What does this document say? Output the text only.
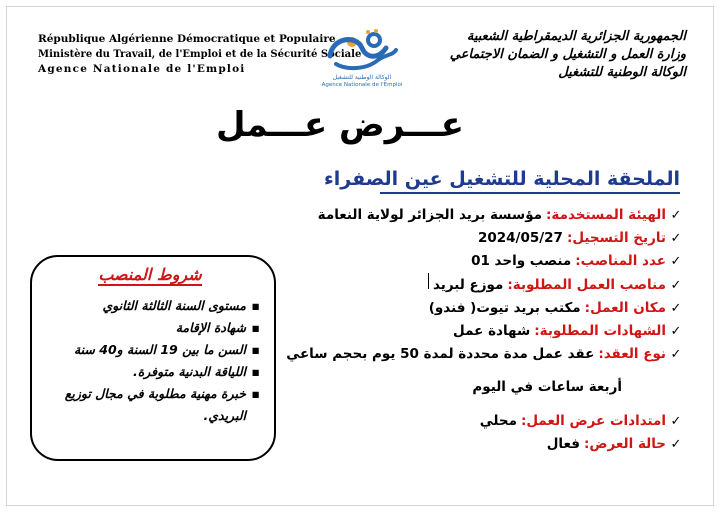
République Algérienne Démocratique et Populaire
Ministère du Travail, de l'Emploi et de la Sécurité Sociale
Agence Nationale de l'Emploi
الوكالة الوطنية للتشغيل
Agence Nationale de l'Emploi
الجمهورية الجزائرية الديمقراطية الشعبية
وزارة العمل و التشغيل و الضمان الاجتماعي
الوكالة الوطنية للتشغيل
عـــرض عـــمل
الملحقة المحلية للتشغيل عين الصفراء
✓
الهيئة المستخدمة:
مؤسسة بريد الجزائر لولاية النعامة
✓
تاريخ التسجيل:
2024/05/27
✓
عدد المناصب:
منصب واحد 01
✓
مناصب العمل المطلوبة:
موزع لبريد
✓
مكان العمل:
مكتب بريد تيوت( فندو)
✓
الشهادات المطلوبة:
شهادة عمل
✓
نوع العقد:
عقد عمل مدة محددة لمدة 50 يوم بحجم ساعي
أربعة ساعات في اليوم
✓
امتدادات عرض العمل:
محلي
✓
حالة العرض:
فعال
شروط المنصب
▪
مستوى السنة الثالثة الثانوي
▪
شهادة الإقامة
▪
السن ما بين 19 السنة و40 سنة
▪
اللياقة البدنية متوفرة.
▪
خبرة مهنية مطلوبة في مجال توزيع
البريدي.
